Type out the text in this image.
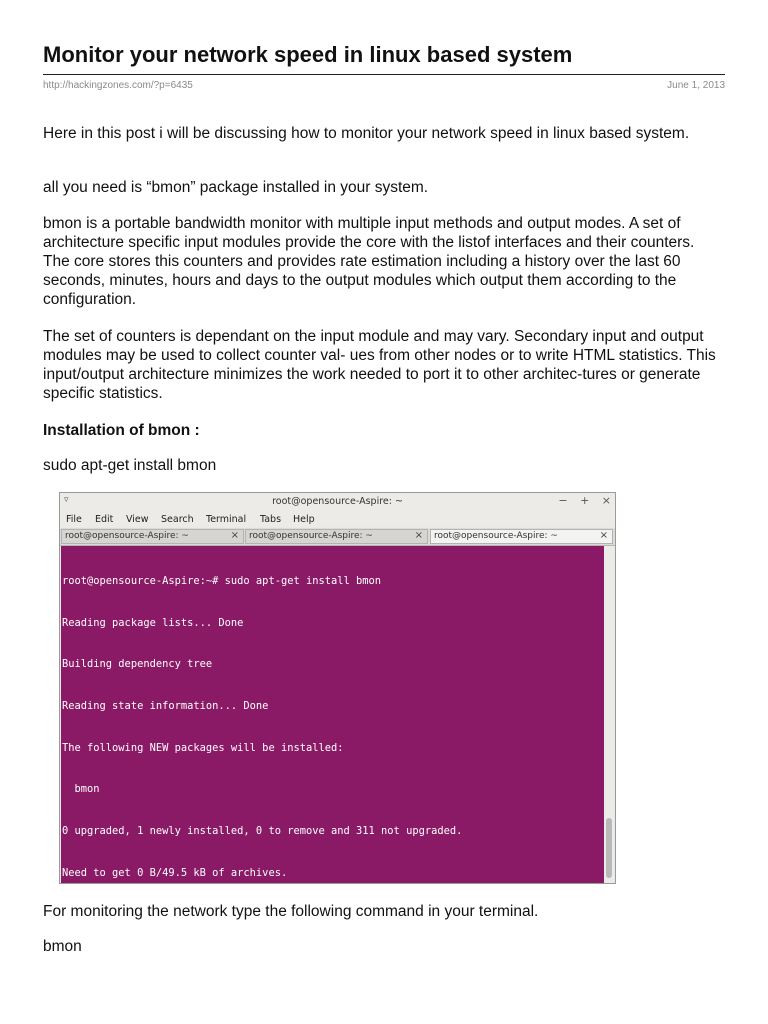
Monitor your network speed in linux based system
http://hackingzones.com/?p=6435	June 1, 2013
Here in this post i will be discussing how to monitor your network speed in linux based system.
all you need is “bmon” package installed in your system.
bmon is a portable bandwidth monitor with multiple input methods and output modes. A set of architecture specific input modules provide the core with the listof interfaces and their counters. The core stores this counters and provides rate estimation including a history over the last 60 seconds, minutes, hours and days to the output modules which output them according to the configuration.
The set of counters is dependant on the input module and may vary. Secondary input and output modules may be used to collect counter val- ues from other nodes or to write HTML statistics. This input/output architecture minimizes the work needed to port it to other architec-tures or generate specific statistics.
Installation of bmon :
sudo apt-get install bmon
For monitoring the network type the following command in your terminal.
bmon
▿	root@opensource-Aspire: ~	− + ×
File Edit View Search Terminal Tabs Help
root@opensource-Aspire: ~	× root@opensource-Aspire: ~	× root@opensource-Aspire: ~	×

root@opensource-Aspire:~# sudo apt-get install bmon

Reading package lists... Done

Building dependency tree

Reading state information... Done

The following NEW packages will be installed:

bmon

0 upgraded, 1 newly installed, 0 to remove and 311 not upgraded.

Need to get 0 B/49.5 kB of archives.
